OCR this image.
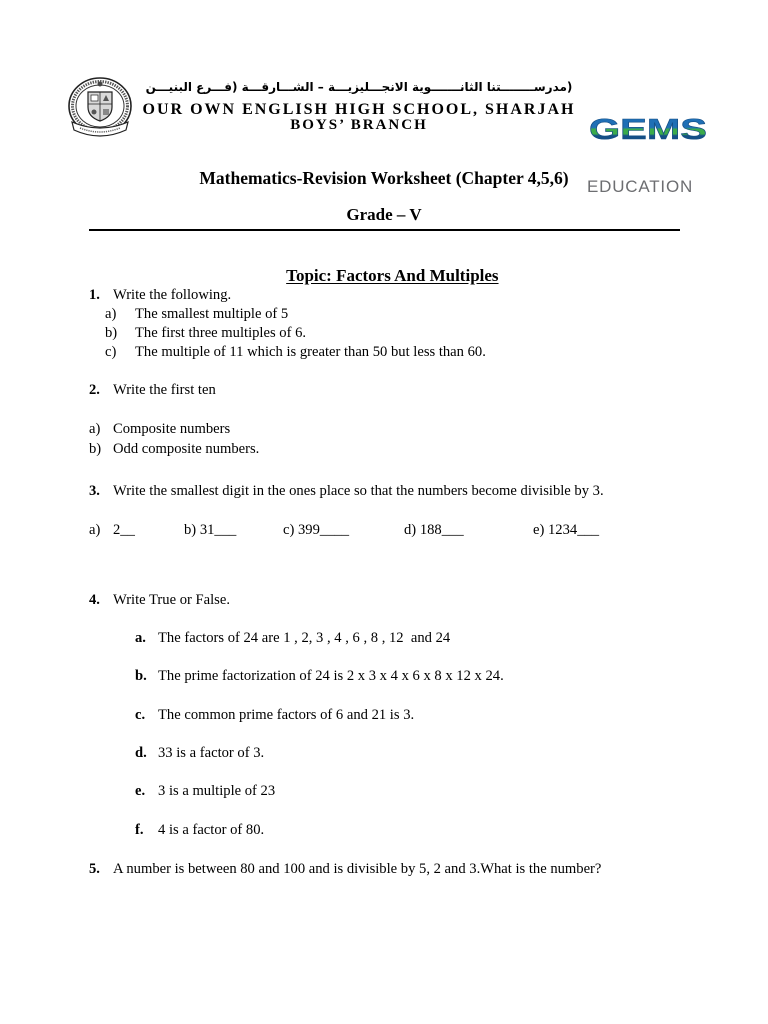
(مدرســــــــتنا الثانـــــــوية الانجـــليزيـــة – الشـــارقـــة (فـــرع البنيـــن
OUR OWN ENGLISH HIGH SCHOOL, SHARJAH
BOYS’ BRANCH

	GEMS

EDUCATION

Mathematics-Revision Worksheet (Chapter 4,5,6)
Grade – V

Topic: Factors And Multiples

1. Write the following.
a) The smallest multiple of 5
b) The first three multiples of 6.
c) The multiple of 11 which is greater than 50 but less than 60.
2. Write the first ten
a) Composite numbers
b) Odd composite numbers.
3. Write the smallest digit in the ones place so that the numbers become divisible by 3.
a) 2__	b) 31___	c) 399____	d) 188___	e) 1234___
4. Write True or False.
a. The factors of 24 are 1 , 2, 3 , 4 , 6 , 8 , 12  and 24
b. The prime factorization of 24 is 2 x 3 x 4 x 6 x 8 x 12 x 24.
c. The common prime factors of 6 and 21 is 3.
d. 33 is a factor of 3.
e. 3 is a multiple of 23
f. 4 is a factor of 80.
5. A number is between 80 and 100 and is divisible by 5, 2 and 3.What is the number?
